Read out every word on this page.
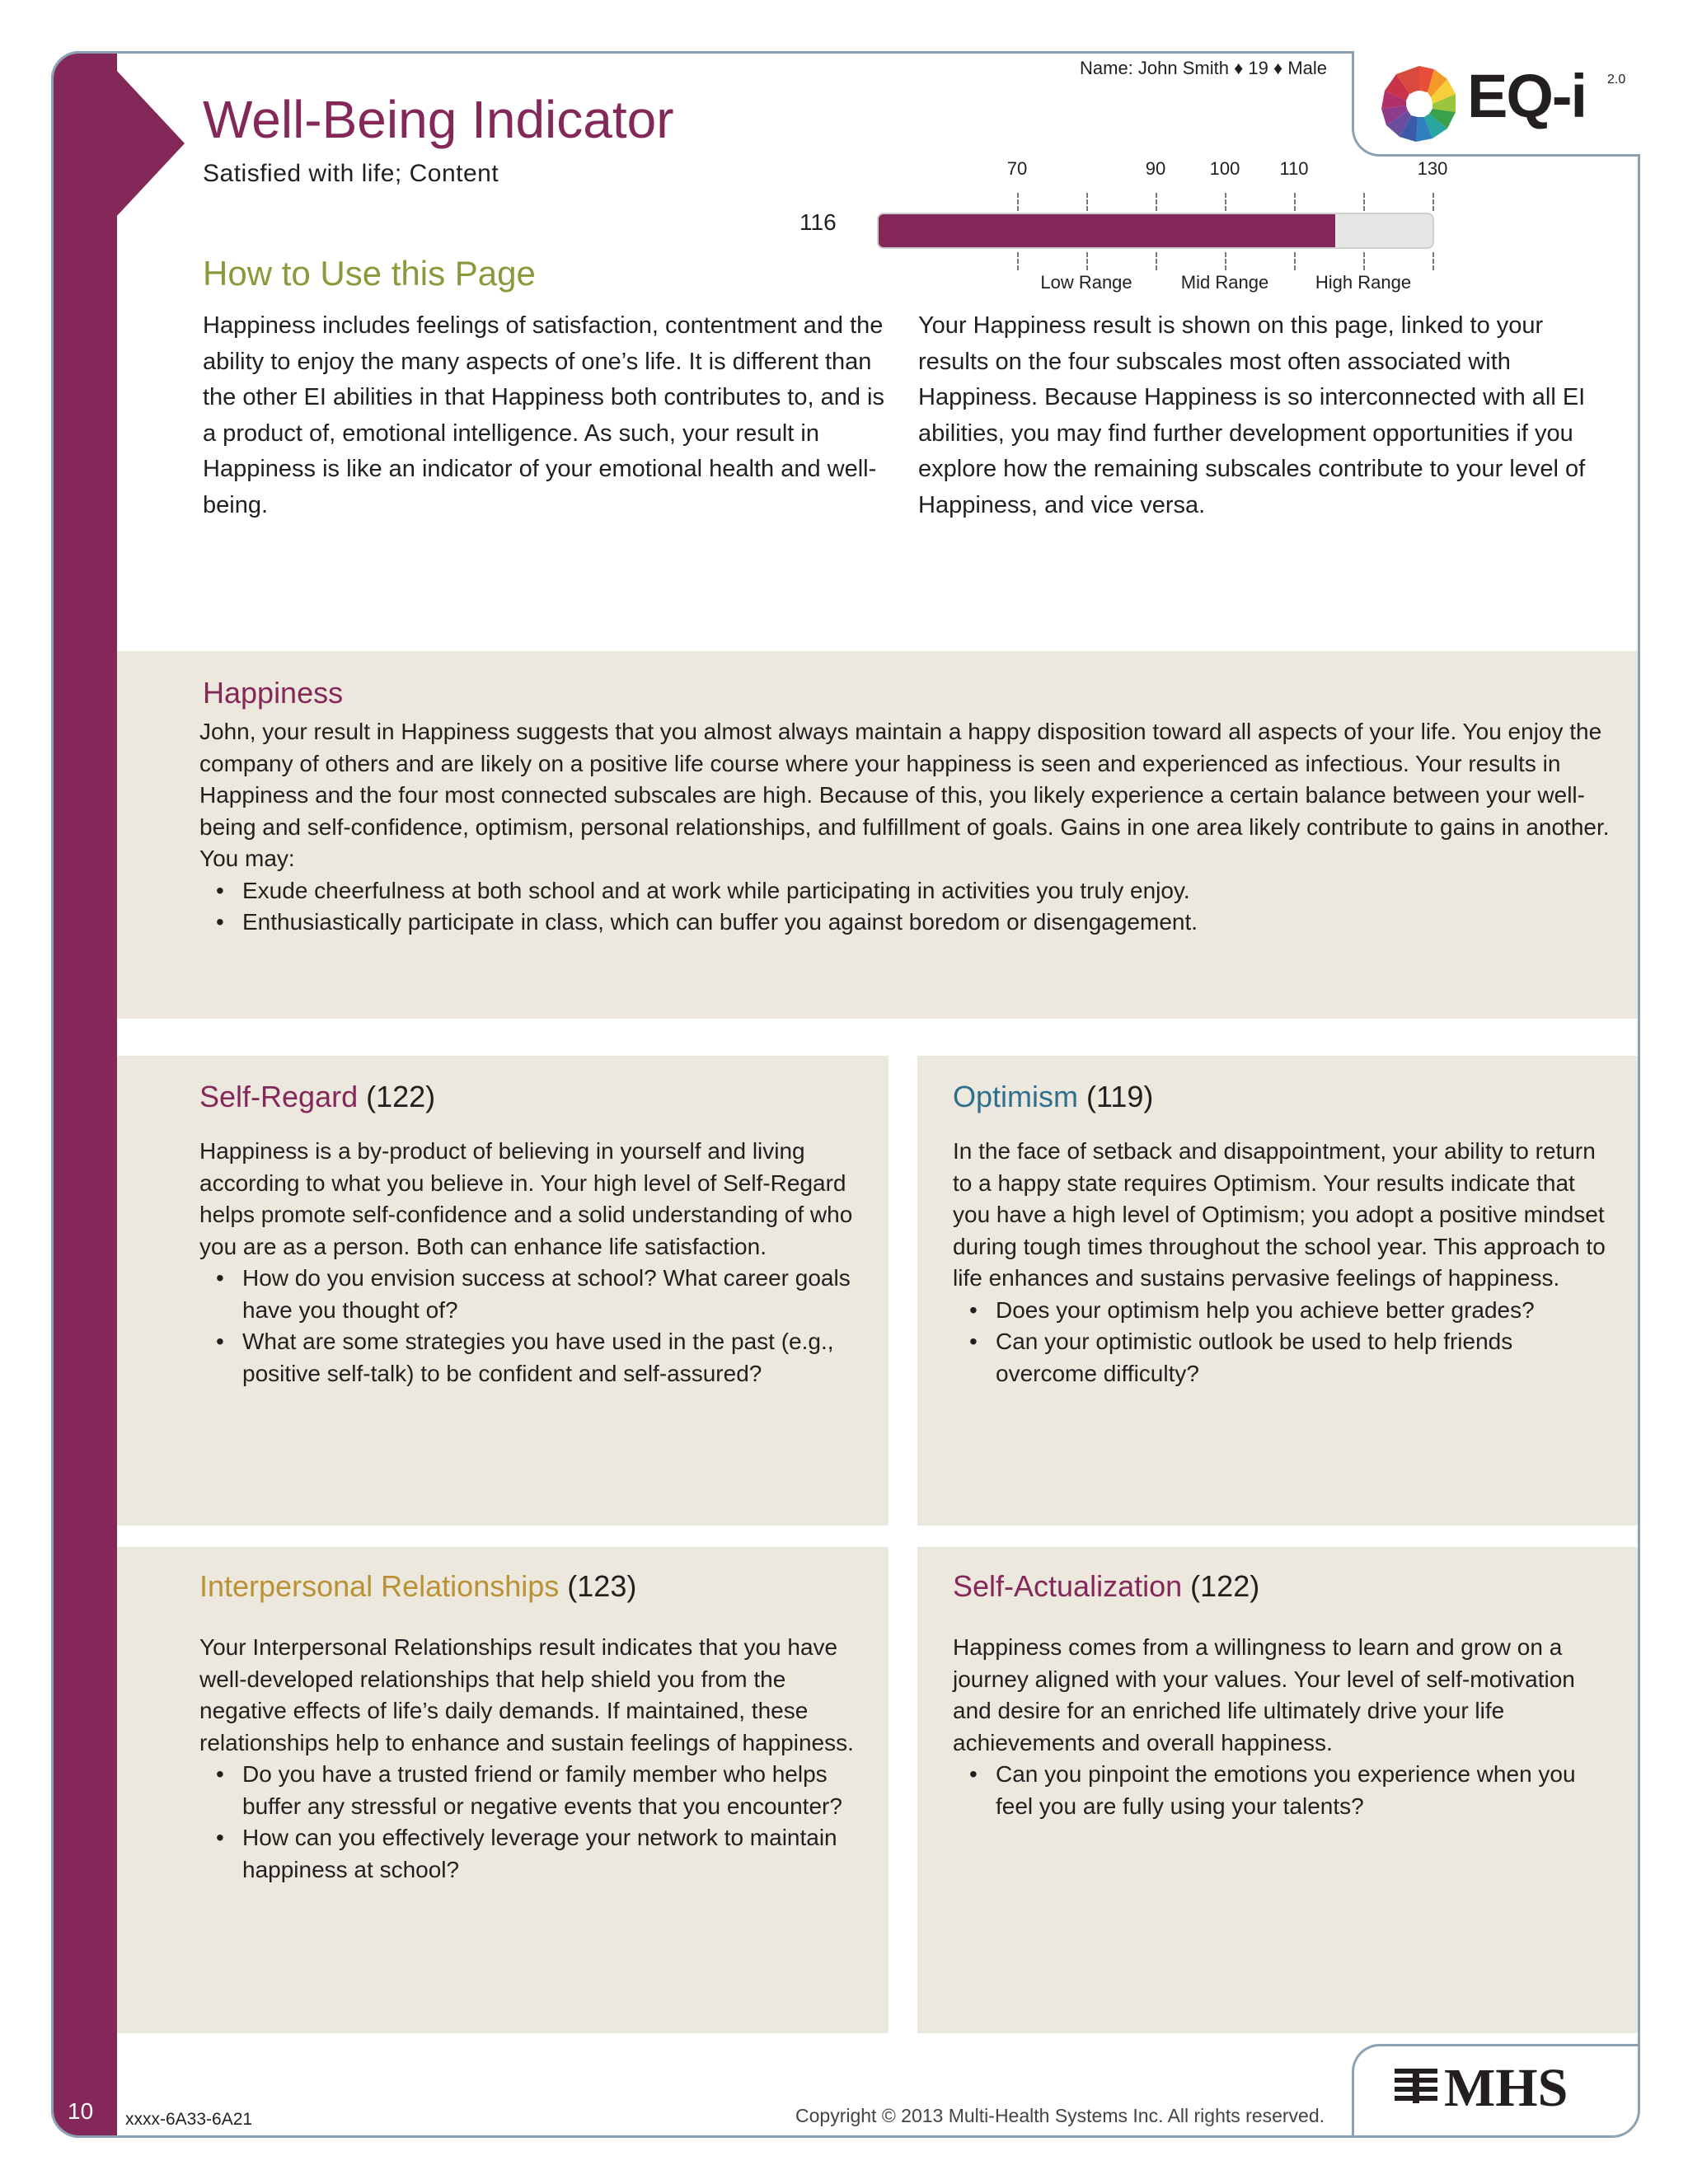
Name: John Smith ♦ 19 ♦ Male EQ-i 2.0
Well-Being Indicator
Satisfied with life; Content
116
70	90 100 110	130
Low Range	Mid Range	High Range
How to Use this Page
Happiness includes feelings of satisfaction, contentment and the ability to enjoy the many aspects of one’s life. It is different than the other EI abilities in that Happiness both contributes to, and is a product of, emotional intelligence. As such, your result in Happiness is like an indicator of your emotional health and well-being.
Your Happiness result is shown on this page, linked to your results on the four subscales most often associated with Happiness. Because Happiness is so interconnected with all EI abilities, you may find further development opportunities if you explore how the remaining subscales contribute to your level of Happiness, and vice versa.
Happiness
John, your result in Happiness suggests that you almost always maintain a happy disposition toward all aspects of your life. You enjoy the company of others and are likely on a positive life course where your happiness is seen and experienced as infectious. Your results in Happiness and the four most connected subscales are high. Because of this, you likely experience a certain balance between your well-being and self-confidence, optimism, personal relationships, and fulfillment of goals. Gains in one area likely contribute to gains in another. You may:
• Exude cheerfulness at both school and at work while participating in activities you truly enjoy.
• Enthusiastically participate in class, which can buffer you against boredom or disengagement.
Self-Regard (122)
Happiness is a by-product of believing in yourself and living according to what you believe in. Your high level of Self-Regard helps promote self-confidence and a solid understanding of who you are as a person. Both can enhance life satisfaction.
• How do you envision success at school? What career goals have you thought of?
• What are some strategies you have used in the past (e.g., positive self-talk) to be confident and self-assured?
Optimism (119)
In the face of setback and disappointment, your ability to return to a happy state requires Optimism. Your results indicate that you have a high level of Optimism; you adopt a positive mindset during tough times throughout the school year. This approach to life enhances and sustains pervasive feelings of happiness.
• Does your optimism help you achieve better grades?
• Can your optimistic outlook be used to help friends overcome difficulty?
Interpersonal Relationships (123)
Your Interpersonal Relationships result indicates that you have well-developed relationships that help shield you from the negative effects of life’s daily demands. If maintained, these relationships help to enhance and sustain feelings of happiness.
• Do you have a trusted friend or family member who helps buffer any stressful or negative events that you encounter?
• How can you effectively leverage your network to maintain happiness at school?
Self-Actualization (122)
Happiness comes from a willingness to learn and grow on a journey aligned with your values. Your level of self-motivation and desire for an enriched life ultimately drive your life achievements and overall happiness.
• Can you pinpoint the emotions you experience when you feel you are fully using your talents?
10 xxxx-6A33-6A21	Copyright © 2013 Multi-Health Systems Inc. All rights reserved. MHS
